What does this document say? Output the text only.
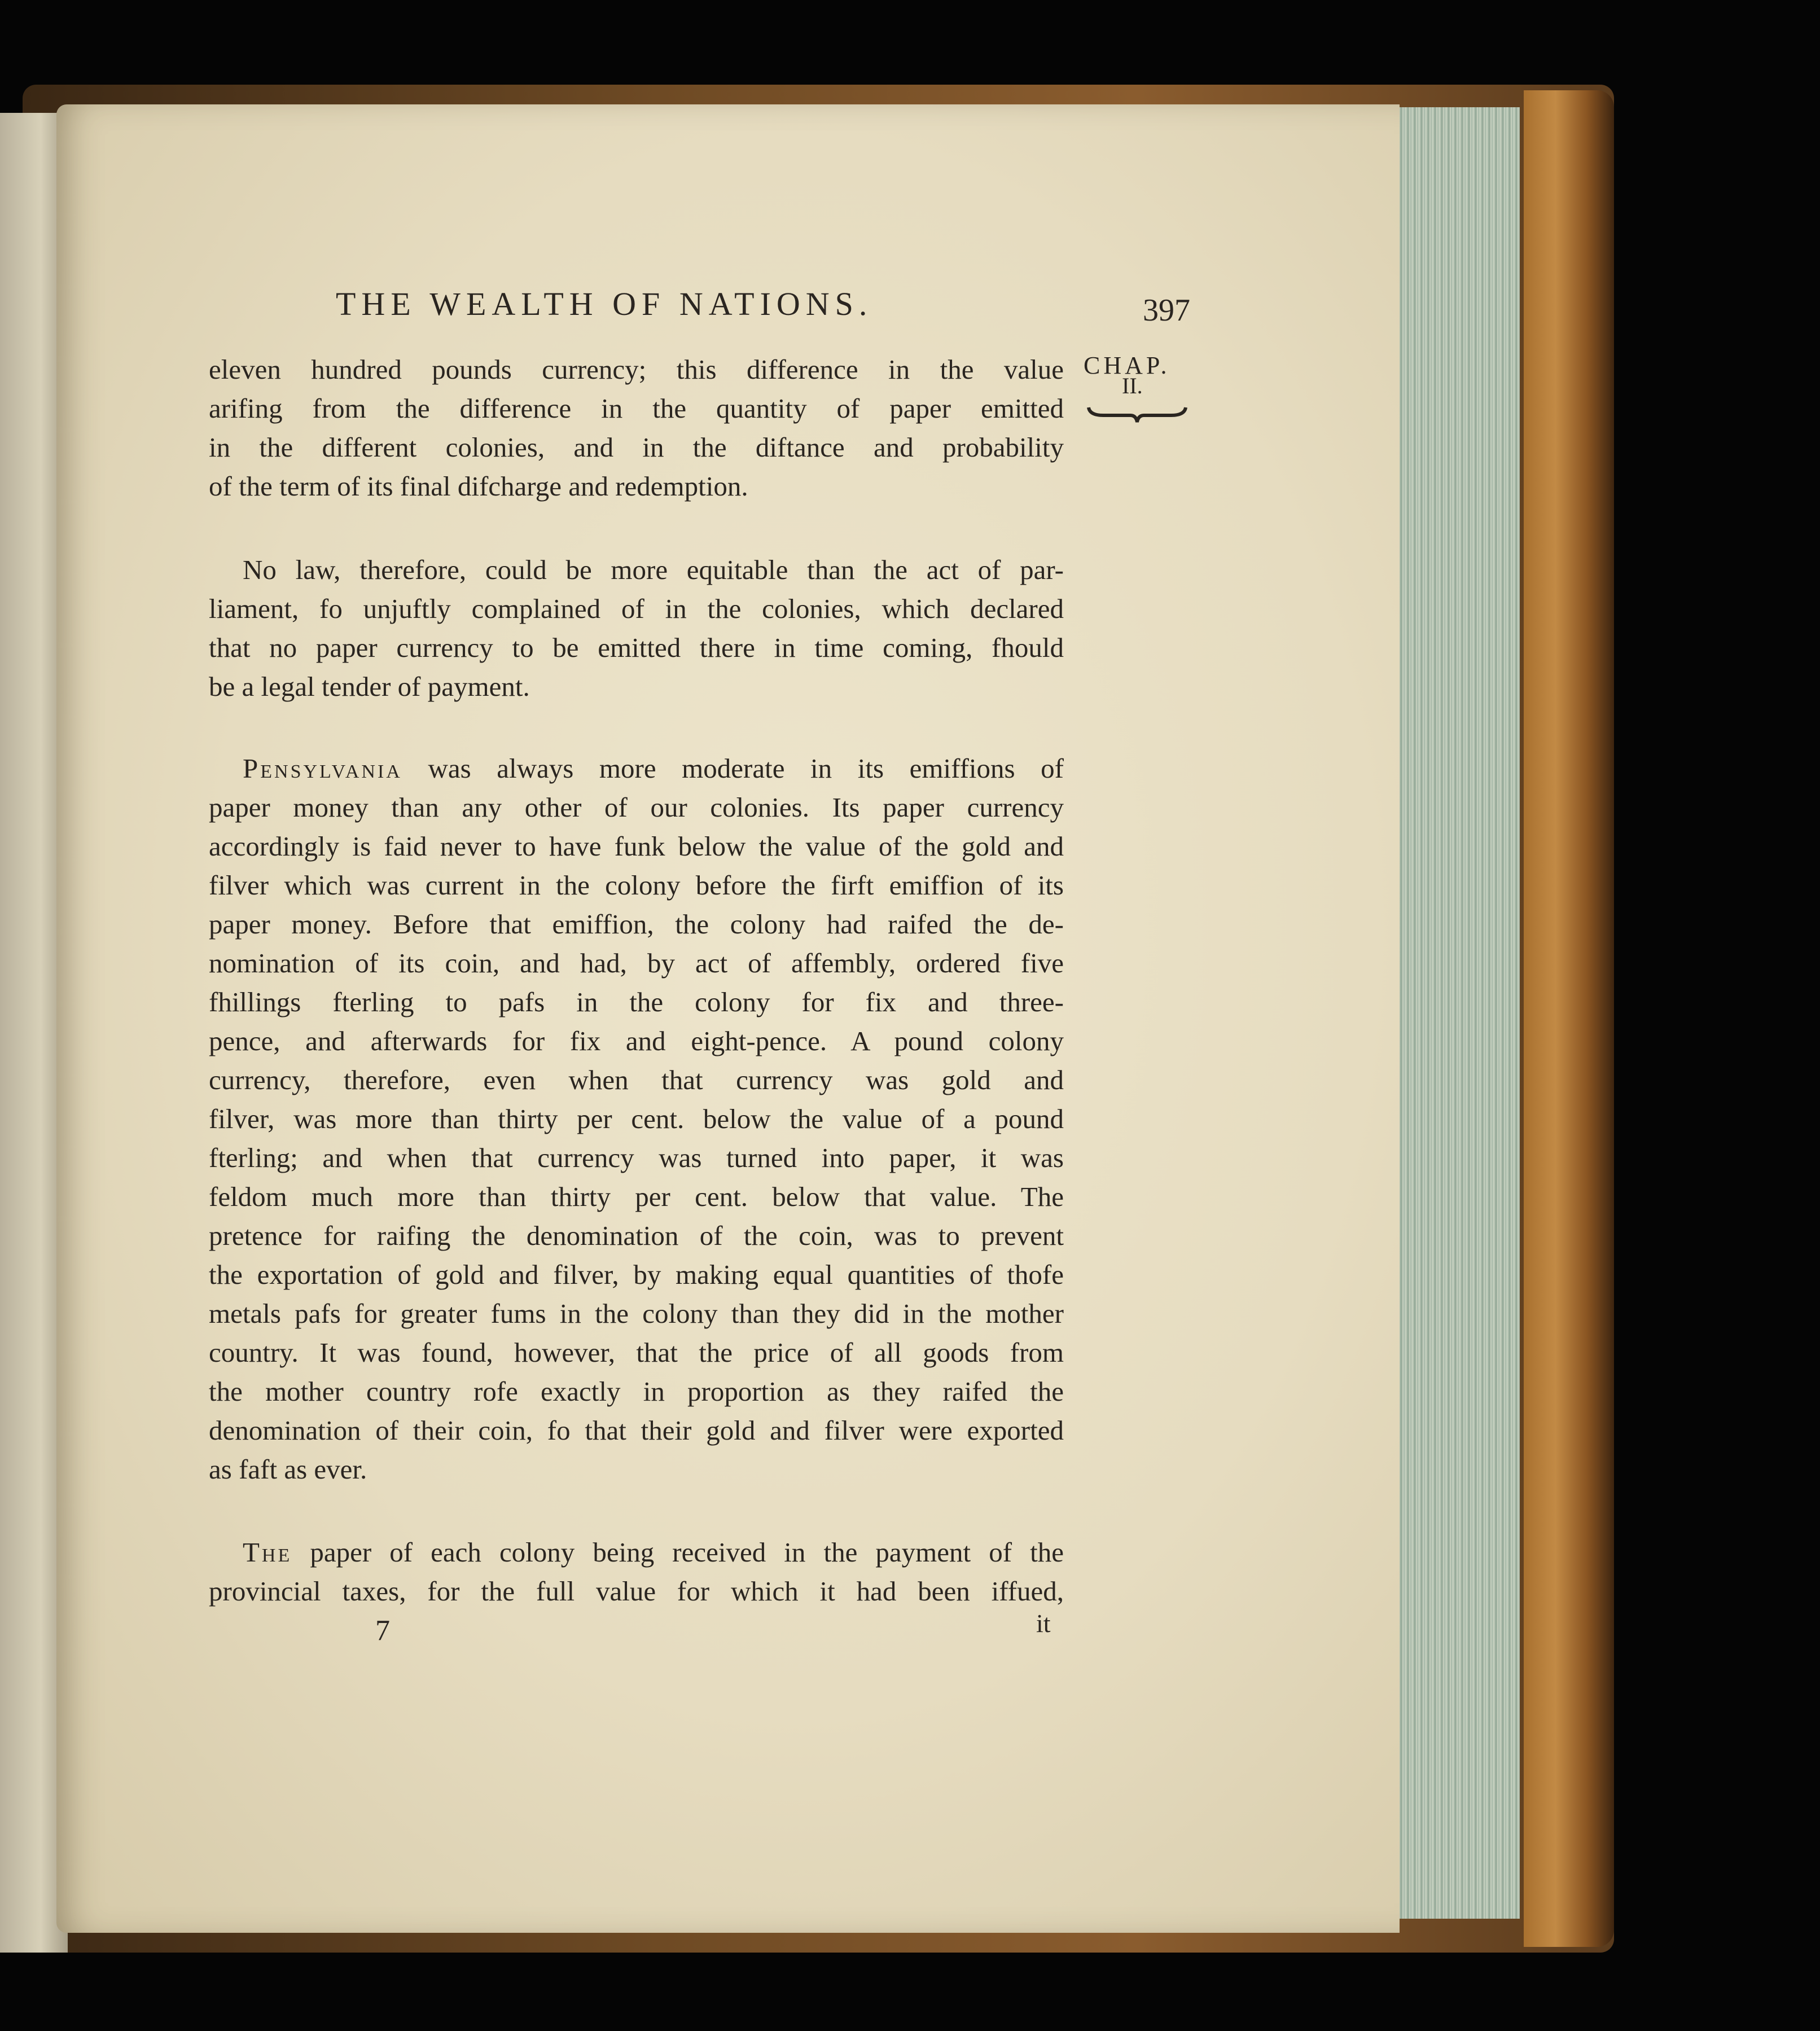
THE WEALTH OF NATIONS.	397
CHAP.
II.
eleven hundred pounds currency; this difference in the value
arifing from the difference in the quantity of paper emitted
in the different colonies, and in the diftance and probability
of the term of its final difcharge and redemption.
No law, therefore, could be more equitable than the act of par-
liament, fo unjuftly complained of in the colonies, which declared
that no paper currency to be emitted there in time coming, fhould
be a legal tender of payment.
Pensylvania was always more moderate in its emiffions of
paper money than any other of our colonies. Its paper currency
accordingly is faid never to have funk below the value of the gold and
filver which was current in the colony before the firft emiffion of its
paper money. Before that emiffion, the colony had raifed the de-
nomination of its coin, and had, by act of affembly, ordered five
fhillings fterling to pafs in the colony for fix and three-
pence, and afterwards for fix and eight-pence. A pound colony
currency, therefore, even when that currency was gold and
filver, was more than thirty per cent. below the value of a pound
fterling; and when that currency was turned into paper, it was
feldom much more than thirty per cent. below that value. The
pretence for raifing the denomination of the coin, was to prevent
the exportation of gold and filver, by making equal quantities of thofe
metals pafs for greater fums in the colony than they did in the mother
country. It was found, however, that the price of all goods from
the mother country rofe exactly in proportion as they raifed the
denomination of their coin, fo that their gold and filver were exported
as faft as ever.
The paper of each colony being received in the payment of the
provincial taxes, for the full value for which it had been iffued,
7	it
